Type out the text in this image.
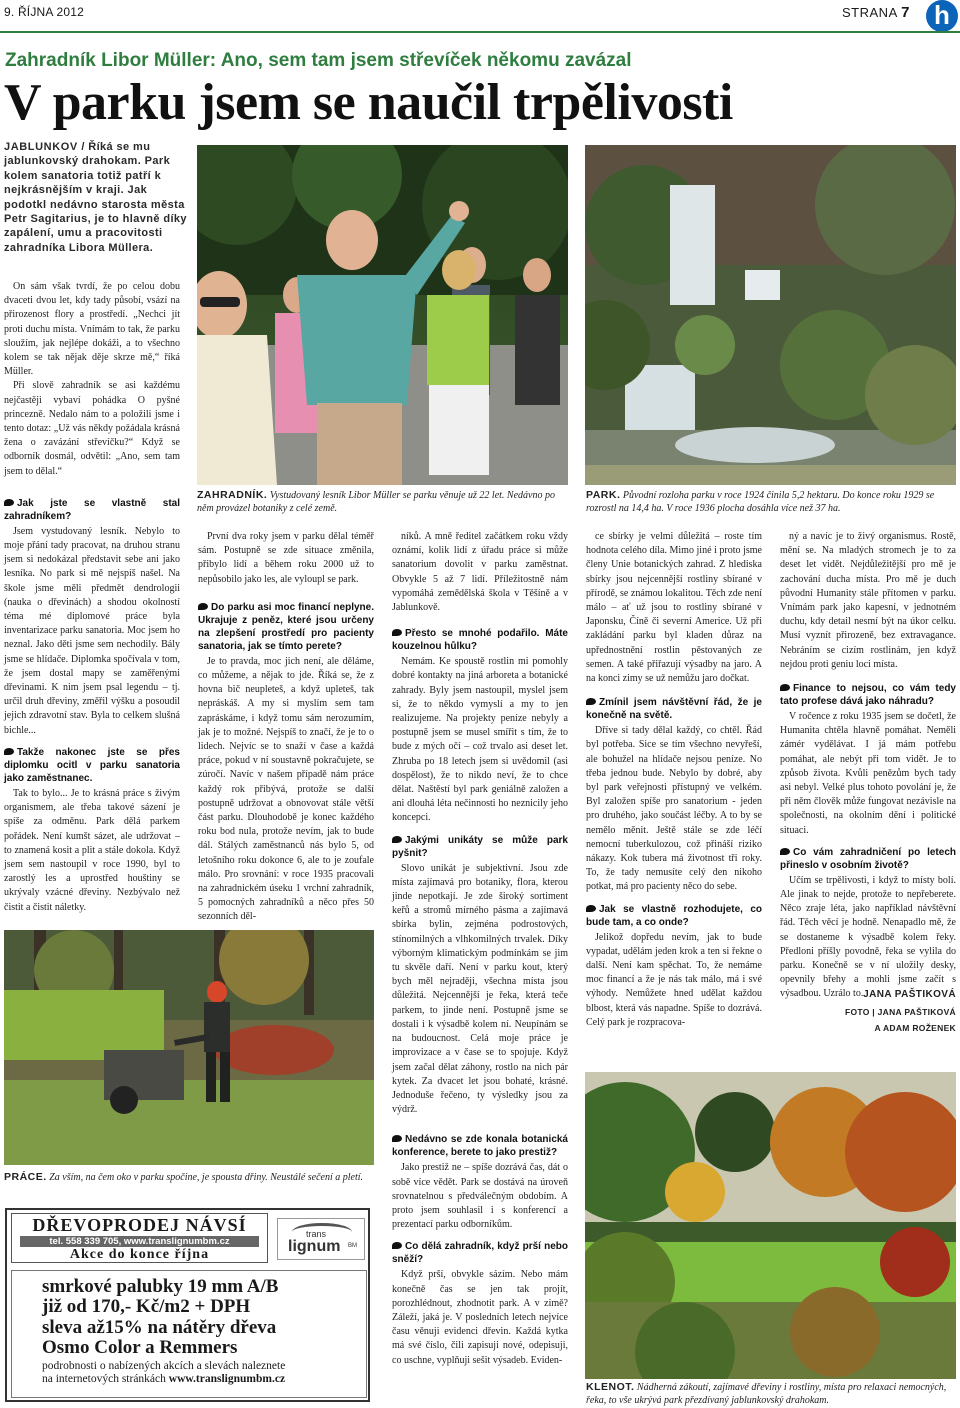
9. ŘÍJNA 2012	STRANA 7 h
Zahradník Libor Müller: Ano, sem tam jsem střevíček někomu zavázal
V parku jsem se naučil trpělivosti
JABLUNKOV / Říká se mu jablunkovský drahokam. Park kolem sanatoria totiž patří k nejkrásnějším v kraji. Jak podotkl nedávno starosta města Petr Sagitarius, je to hlavně díky zapálení, umu a pracovitosti zahradníka Libora Müllera.

On sám však tvrdí, že po celou dobu dvaceti dvou let, kdy tady působí, vsází na přirozenost flory a prostředí. „Nechci jít proti duchu místa. Vnímám to tak, že parku sloužím, jak nejlépe dokáži, a to všechno kolem se tak nějak děje skrze mě,“ říká Müller.

Při slově zahradník se asi každému nejčastěji vybaví pohádka O pyšné princezně. Nedalo nám to a položili jsme i tento dotaz: „Už vás někdy požádala krásná žena o zavázání střevíčku?“ Když se odborník dosmál, odvětil: „Ano, sem tam jsem to dělal.“

Jak jste se vlastně stal zahradníkem?

Jsem vystudovaný lesník. Nebylo to moje přání tady pracovat, na druhou stranu jsem si nedokázal představit sebe ani jako lesníka. No park si mě nejspíš našel. Na škole jsme měli předmět dendrologii (nauka o dřevinách) a shodou okolností téma mé diplomové práce byla inventarizace parku sanatoria. Moc jsem ho neznal. Jako děti jsme sem nechodily. Bály jsme se hlídače. Diplomka spočívala v tom, že jsem dostal mapy se zaměřenými dřevinami. K nim jsem psal legendu – tj. určil druh dřeviny, změřil výšku a posoudil jejich zdravotní stav. Byla to celkem slušná bichle...

Takže nakonec jste se přes diplomku ocitl v parku sanatoria jako zaměstnanec.

Tak to bylo... Je to krásná práce s živým organismem, ale třeba takové sázení je spíše za odměnu. Park dělá parkem pořádek. Není kumšt sázet, ale udržovat – to znamená kosit a plit a stále dokola. Když jsem sem nastoupil v roce 1990, byl to zarostlý les a uprostřed houštiny se ukrývaly vzácné dřeviny. Nezbývalo než čistit a čistit náletky.

ZAHRADNÍK. Vystudovaný lesník Libor Müller se parku věnuje už 22 let. Nedávno po něm provázel botaniky z celé země.
PARK. Původní rozloha parku v roce 1924 činila 5,2 hektaru. Do konce roku 1929 se rozrostl na 14,4 ha. V roce 1936 plocha dosáhla více než 37 ha.

První dva roky jsem v parku dělal téměř sám. Postupně se zde situace změnila, přibylo lidí a během roku 2000 už to nepůsobilo jako les, ale vyloupl se park.

Do parku asi moc financí neplyne. Ukrajuje z peněz, které jsou určeny na zlepšení prostředí pro pacienty sanatoria, jak se tímto perete?

Je to pravda, moc jich není, ale děláme, co můžeme, a nějak to jde. Říká se, že z hovna bič neupleteš, a když upleteš, tak nepráskáš. A my si myslím sem tam zapráskáme, i když tomu sám nerozumím, jak je to možné. Nejspíš to značí, že je to o lidech. Nejvíc se to snaží v čase a každá práce, pokud v ní soustavně pokračujete, se zúročí. Navíc v našem případě nám práce každý rok přibývá, protože se další postupně udržovat a obnovovat stále větší část parku. Dlouhodobě je konec každého roku bod nula, protože nevím, jak to bude dál. Stálých zaměstnanců nás bylo 5, od letošního roku dokonce 6, ale to je zoufale málo. Pro srovnání: v roce 1935 pracovali na zahradnickém úseku 1 vrchní zahradník, 5 pomocných zahradníků a něco přes 50 sezonních děl-

níků. A mně ředitel začátkem roku vždy oznámí, kolik lidí z úřadu práce si může sanatorium dovolit v parku zaměstnat. Obvykle 5 až 7 lidí. Příležitostně nám vypomáhá zemědělská škola v Těšíně a v Jablunkově.

Přesto se mnohé podařilo. Máte kouzelnou hůlku?

Nemám. Ke spoustě rostlin mi pomohly dobré kontakty na jiná arboreta a botanické zahrady. Byly jsem nastoupil, myslel jsem si, že to někdo vymyslí a my to jen realizujeme. Na projekty peníze nebyly a postupně jsem se musel smířit s tím, že to bude z mých očí – což trvalo asi deset let. Zhruba po 18 letech jsem si uvědomil (asi dospělost), že to nikdo neví, že to chce dělat. Naštěstí byl park geniálně založen a ani dlouhá léta nečinnosti ho neznicily jeho koncepci.

Jakými unikáty se může park pyšnit?

Slovo unikát je subjektivní. Jsou zde místa zajímavá pro botaniky, flora, kterou jinde nepotkají. Je zde široký sortiment keřů a stromů mírného pásma a zajímavá sbírka bylin, zejména podrostových, stínomilných a vlhkomilných trvalek. Díky výborným klimatickým podmínkám se jim tu skvěle daří. Není v parku kout, který bych měl nejraději, všechna místa jsou důležitá. Nejcennější je řeka, která teče parkem, to jinde není. Postupně jsme se dostali i k výsadbě kolem ní. Neupínám se na budoucnost. Celá moje práce je improvizace a v čase se to spojuje. Když jsem začal dělat záhony, rostlo na nich pár kytek. Za dvacet let jsou bohaté, krásné. Jednoduše řečeno, ty výsledky jsou za výdrž.

Nedávno se zde konala botanická konference, berete to jako prestiž?

Jako prestiž ne – spíše dozrává čas, dát o sobě více vědět. Park se dostává na úroveň srovnatelnou s předválečným obdobím. A proto jsem souhlasil i s konferencí a prezentací parku odborníkům.

Co dělá zahradník, když prší nebo sněží?

Když prší, obvykle sázím. Nebo mám konečně čas se jen tak projít, porozhlédnout, zhodnotit park. A v zimě? Záleží, jaká je. V posledních letech nejvíce času věnuji evidenci dřevin. Každá kytka má své číslo, čili zapisuji nové, odepisuji, co uschne, vyplňuji sešit výsadeb. Eviden-

ce sbírky je velmi důležitá – roste tím hodnota celého díla. Mimo jiné i proto jsme členy Unie botanických zahrad. Z hlediska sbírky jsou nejcennější rostliny sbírané v přírodě, se známou lokalitou. Těch zde není málo – ať už jsou to rostliny sbírané v Japonsku, Číně či severní Americe. Už při zakládání parku byl kladen důraz na upřednostnění rostlin pěstovaných ze semen. A také přiřazují výsadby na jaro. A na konci zimy se už nemůžu jaro dočkat.

Zmínil jsem návštěvní řád, že je konečně na světě.

Dříve si tady dělal každý, co chtěl. Řád byl potřeba. Sice se tím všechno nevyřeší, ale bohužel na hlídače nejsou peníze. No třeba jednou bude. Nebylo by dobré, aby byl park veřejnosti přístupný ve velkém. Byl založen spíše pro sanatorium - jeden pro druhého, jako součást léčby. A to by se nemělo měnit. Ještě stále se zde léčí nemocní tuberkulozou, což přináší riziko nákazy. Kok tubera má životnost tři roky. To, že tady nemusíte celý den nikoho potkat, má pro pacienty něco do sebe.

Jak se vlastně rozhodujete, co bude tam, a co onde?

Jelikož dopředu nevím, jak to bude vypadat, udělám jeden krok a ten si řekne o další. Není kam spěchat. To, že nemáme moc financí a že je nás tak málo, má i své výhody. Nemůžete hned udělat každou blbost, která vás napadne. Spíše to dozrává. Celý park je rozpracova-

ný a navíc je to živý organismus. Rostě, mění se. Na mladých stromech je to za deset let vidět. Nejdůležitější pro mě je zachování ducha místa. Pro mě je duch původní Humanity stále přítomen v parku. Vnímám park jako kapesní, v jednotném duchu, kdy detail nesmí být na úkor celku. Musí vyznít přirozeně, bez extravagance. Nebráním se cizím rostlinám, jen když nejdou proti geniu loci místa.

Finance to nejsou, co vám tedy tato profese dává jako náhradu?

V ročence z roku 1935 jsem se dočetl, že Humanita chtěla hlavně pomáhat. Neměli zámér vydělávat. I já mám potřebu pomáhat, ale nebýt při tom vidět. Je to způsob života. Kvůli penězům bych tady asi nebyl. Velké plus tohoto povolání je, že při něm člověk může fungovat nezávisle na společnosti, na okolním dění i politické situaci.

Co vám zahradničení po letech přineslo v osobním životě?

Učím se trpělivosti, i když to místy bolí. Ale jinak to nejde, protože to nepřeberete. Něco zraje léta, jako například návštěvní řád. Těch věcí je hodně. Nenapadlo mě, že se dostaneme k výsadbě kolem řeky. Předloni příšly povodně, řeka se vylila do parku. Konečně se v ní uložily desky, opevnily břehy a mohli jsme začít s výsadbou. Uzrálo to. JANA PAŠTIKOVÁ
FOTO | JANA PAŠTIKOVÁ
A ADAM ROŽENEK
PRÁCE. Za vším, na čem oko v parku spočine, je spousta dřiny. Neustálé sečení a pletí.
DŘEVOPRODEJ NÁVSÍ
tel. 558 339 705, www.translignumbm.cz
Akce do konce října
trans
lignum BM
smrkové palubky 19 mm A/B
již od 170,- Kč/m2 + DPH
sleva až15% na nátěry dřeva
Osmo Color a Remmers
podrobnosti o nabízených akcích a slevách naleznete
na internetových stránkách www.translignumbm.cz
KLENOT. Nádherná zákoutí, zajímavé dřeviny i rostliny, místa pro relaxaci nemocných, řeka, to vše ukrývá park přezdívaný jablunkovský drahokam.
